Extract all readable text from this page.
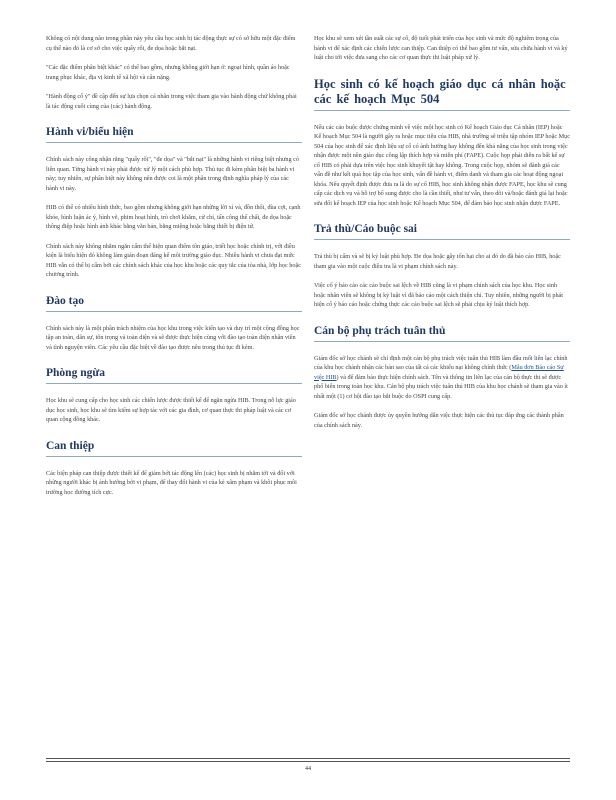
Không có nội dung nào trong phần này yêu cầu học sinh bị tác động thực sự có sở hữu một đặc điểm cụ thể nào đó là cơ sở cho việc quấy rối, đe dọa hoặc bắt nạt.

"Các đặc điểm phân biệt khác" có thể bao gồm, nhưng không giới hạn ở: ngoại hình, quần áo hoặc trang phục khác, địa vị kinh tế xã hội và cân nặng.

"Hành động cố ý" đề cập đến sự lựa chọn cá nhân trong việc tham gia vào hành động chứ không phải là tác động cuối cùng của (các) hành động.

Hành vi/biểu hiện

Chính sách này công nhận rằng "quấy rối", "đe dọa" và "bắt nạt" là những hành vi riêng biệt nhưng có liên quan. Từng hành vi này phải được xử lý một cách phù hợp. Thủ tục đi kèm phân biệt ba hành vi này; tuy nhiên, sự phân biệt này không nên được coi là một phân trong định nghĩa pháp lý của các hành vi này.

HIB có thể có nhiều hình thức, bao gồm nhưng không giới hạn những lời xỉ vả, đồn thổi, đùa cợt, cạnh khóe, hình luận ác ý, hình vẽ, phim hoạt hình, trò chơi khăm, cử chỉ, tấn công thể chất, đe dọa hoặc thông điệp hoặc hình ảnh khác bằng văn bản, bằng miệng hoặc bằng thiết bị điện tử.

Chính sách này không nhằm ngăn cấm thể hiện quan điểm tôn giáo, triết học hoặc chính trị, với điều kiện là biểu hiện đó không làm gián đoạn đáng kể môi trường giáo dục. Nhiều hành vi chưa đạt mức HIB vẫn có thể bị cấm bởi các chính sách khác của học khu hoặc các quy tắc của tòa nhà, lớp học hoặc chương trình.

Đào tạo

Chính sách này là một phần trách nhiệm của học khu trong việc kiến tạo và duy trì một cộng đồng học tập an toàn, dân sự, tôn trọng và toàn diện và sẽ được thực hiện cùng với đào tạo toàn diện nhân viên và tình nguyện viên. Các yêu cầu đặc biệt về đào tạo được nêu trong thủ tục đi kèm.

Phòng ngừa

Học khu sẽ cung cấp cho học sinh các chiến lược được thiết kế để ngăn ngừa HIB. Trong nỗ lực giáo dục học sinh, học khu sẽ tìm kiếm sự hợp tác với các gia đình, cơ quan thực thi pháp luật và các cơ quan cộng đồng khác.

Can thiệp

Các biện pháp can thiệp được thiết kế để giảm bớt tác động lên (các) học sinh bị nhắm tới và đối với những người khác bị ảnh hưởng bởi vi phạm, để thay đổi hành vi của kẻ xâm phạm và khôi phục môi trường học đường tích cực.

Học khu sẽ xem xét tần suất các sự cố, độ tuổi phát triển của học sinh và mức độ nghiêm trọng của hành vi để xác định các chiến lược can thiệp. Can thiệp có thể bao gồm tư vấn, sửa chữa hành vi và kỷ luật cho tới việc đưa sang cho các cơ quan thực thi luật pháp xử lý.

Học sinh có kế hoạch giáo dục cá nhân hoặc các kế hoạch Mục 504

Nếu các cáo buộc được chứng minh về việc một học sinh có Kế hoạch Giáo dục Cá nhân (IEP) hoặc Kế hoạch Mục 504 là người gây ra hoặc mục tiêu của HIB, nhà trường sẽ triệu tập nhóm IEP hoặc Mục 504 của học sinh để xác định liệu sự cố có ảnh hưởng hay không đến khả năng của học sinh trong việc nhận được một nền giáo dục công lập thích hợp và miễn phí (FAPE). Cuộc họp phải diễn ra bất kể sự cố HIB có phải dựa trên việc học sinh khuyết tật hay không. Trong cuộc họp, nhóm sẽ đánh giá các vấn đề như kết quả học tập của học sinh, vấn đề hành vi, điểm danh và tham gia các hoạt động ngoại khóa. Nếu quyết định được đưa ra là do sự cố HIB, học sinh không nhận được FAPE, học khu sẽ cung cấp các dịch vụ và hỗ trợ bổ sung được cho là cần thiết, như tư vấn, theo dõi và/hoặc đánh giá lại hoặc sửa đổi kế hoạch IEP của học sinh hoặc Kế hoạch Mục 504, để đảm bảo học sinh nhận được FAPE.

Trả thù/Cáo buộc sai

Trả thù bị cấm và sẽ bị kỷ luật phù hợp. Đe dọa hoặc gây tổn hại cho ai đó do đã báo cáo HIB, hoặc tham gia vào một cuộc điều tra là vi phạm chính sách này.

Việc cố ý báo cáo các cáo buộc sai lệch về HIB cũng là vi phạm chính sách của học khu. Học sinh hoặc nhân viên sẽ không bị kỷ luật vì đã báo cáo một cách thiện chí. Tuy nhiên, những người bị phát hiện cố ý báo cáo hoặc chứng thực các cáo buộc sai lệch sẽ phải chịu kỷ luật thích hợp.

Cán bộ phụ trách tuân thủ

Giám đốc sở học chánh sẽ chỉ định một cán bộ phụ trách việc tuân thủ HIB làm đầu mối liên lạc chính của khu học chánh nhận các bản sao của tất cả các khiếu nại không chính thức (Mẫu đơn Báo cáo Sự việc HIB) và để đảm bảo thực hiện chính sách. Tên và thông tin liên lạc của cán bộ thực thi sẽ được phổ biến trong toàn học khu. Cán bộ phụ trách việc tuân thủ HIB của khu học chánh sẽ tham gia vào ít nhất một (1) cơ hội đào tạo bắt buộc do OSPI cung cấp.

Giám đốc sở học chánh được ủy quyền hướng dẫn việc thực hiện các thủ tục đáp ứng các thành phần của chính sách này.

44
